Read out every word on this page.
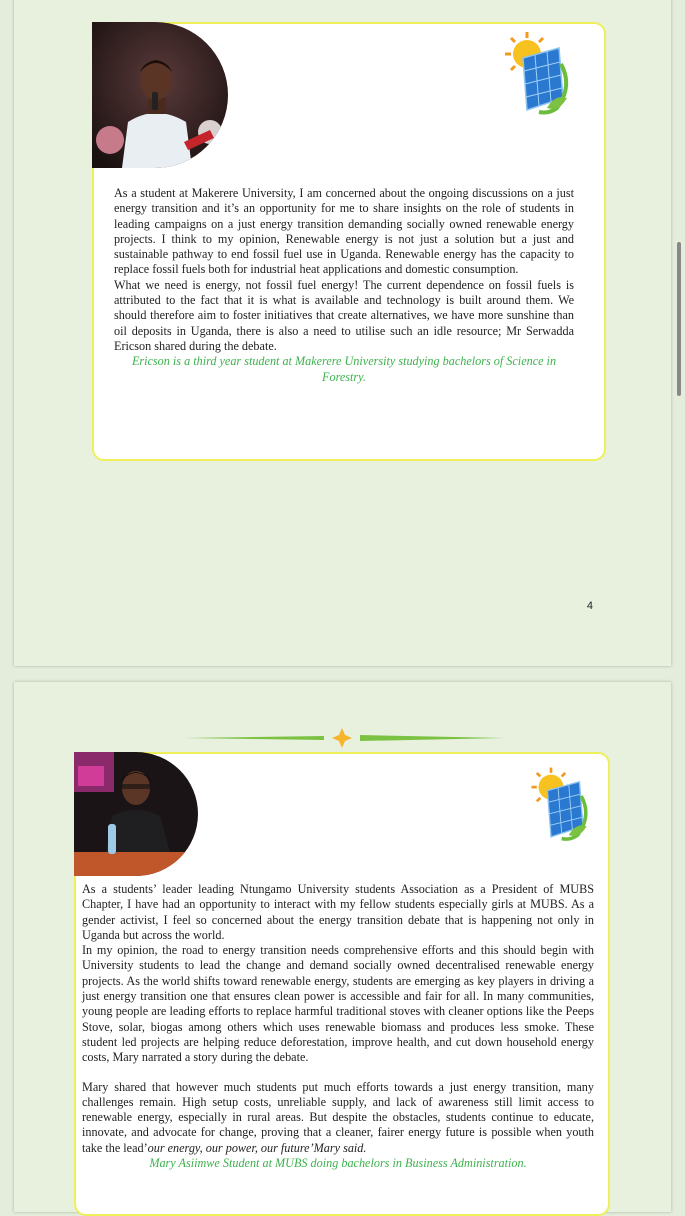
As a student at Makerere University, I am concerned about the ongoing discussions on a just energy transition and it’s an opportunity for me to share insights on the role of students in leading campaigns on a just energy transition demanding socially owned renewable energy projects. I think to my opinion, Renewable energy is not just a solution but a just and sustainable pathway to end fossil fuel use in Uganda. Renewable energy has the capacity to replace fossil fuels both for industrial heat applications and domestic consumption.

What we need is energy, not fossil fuel energy! The current dependence on fossil fuels is attributed to the fact that it is what is available and technology is built around them. We should therefore aim to foster initiatives that create alternatives, we have more sunshine than oil deposits in Uganda, there is also a need to utilise such an idle resource; Mr Serwadda Ericson shared during the debate.

Ericson is a third year student at Makerere University studying bachelors of Science in Forestry.

4

As a students’ leader leading Ntungamo University students Association as a President of MUBS Chapter, I have had an opportunity to interact with my fellow students especially girls at MUBS. As a gender activist, I feel so concerned about the energy transition debate that is happening not only in Uganda but across the world.

In my opinion, the road to energy transition needs comprehensive efforts and this should begin with University students to lead the change and demand socially owned decentralised renewable energy projects. As the world shifts toward renewable energy, students are emerging as key players in driving a just energy transition one that ensures clean power is accessible and fair for all. In many communities, young people are leading efforts to replace harmful traditional stoves with cleaner options like the Peeps Stove, solar, biogas among others which uses renewable biomass and produces less smoke. These student led projects are helping reduce deforestation, improve health, and cut down household energy costs, Mary narrated a story during the debate.

Mary shared that however much students put much efforts towards a just energy transition, many challenges remain. High setup costs, unreliable supply, and lack of awareness still limit access to renewable energy, especially in rural areas. But despite the obstacles, students continue to educate, innovate, and advocate for change, proving that a cleaner, fairer energy future is possible when youth take the lead’our energy, our power, our future’Mary said.

Mary Asiimwe Student at MUBS doing bachelors in Business Administration.
